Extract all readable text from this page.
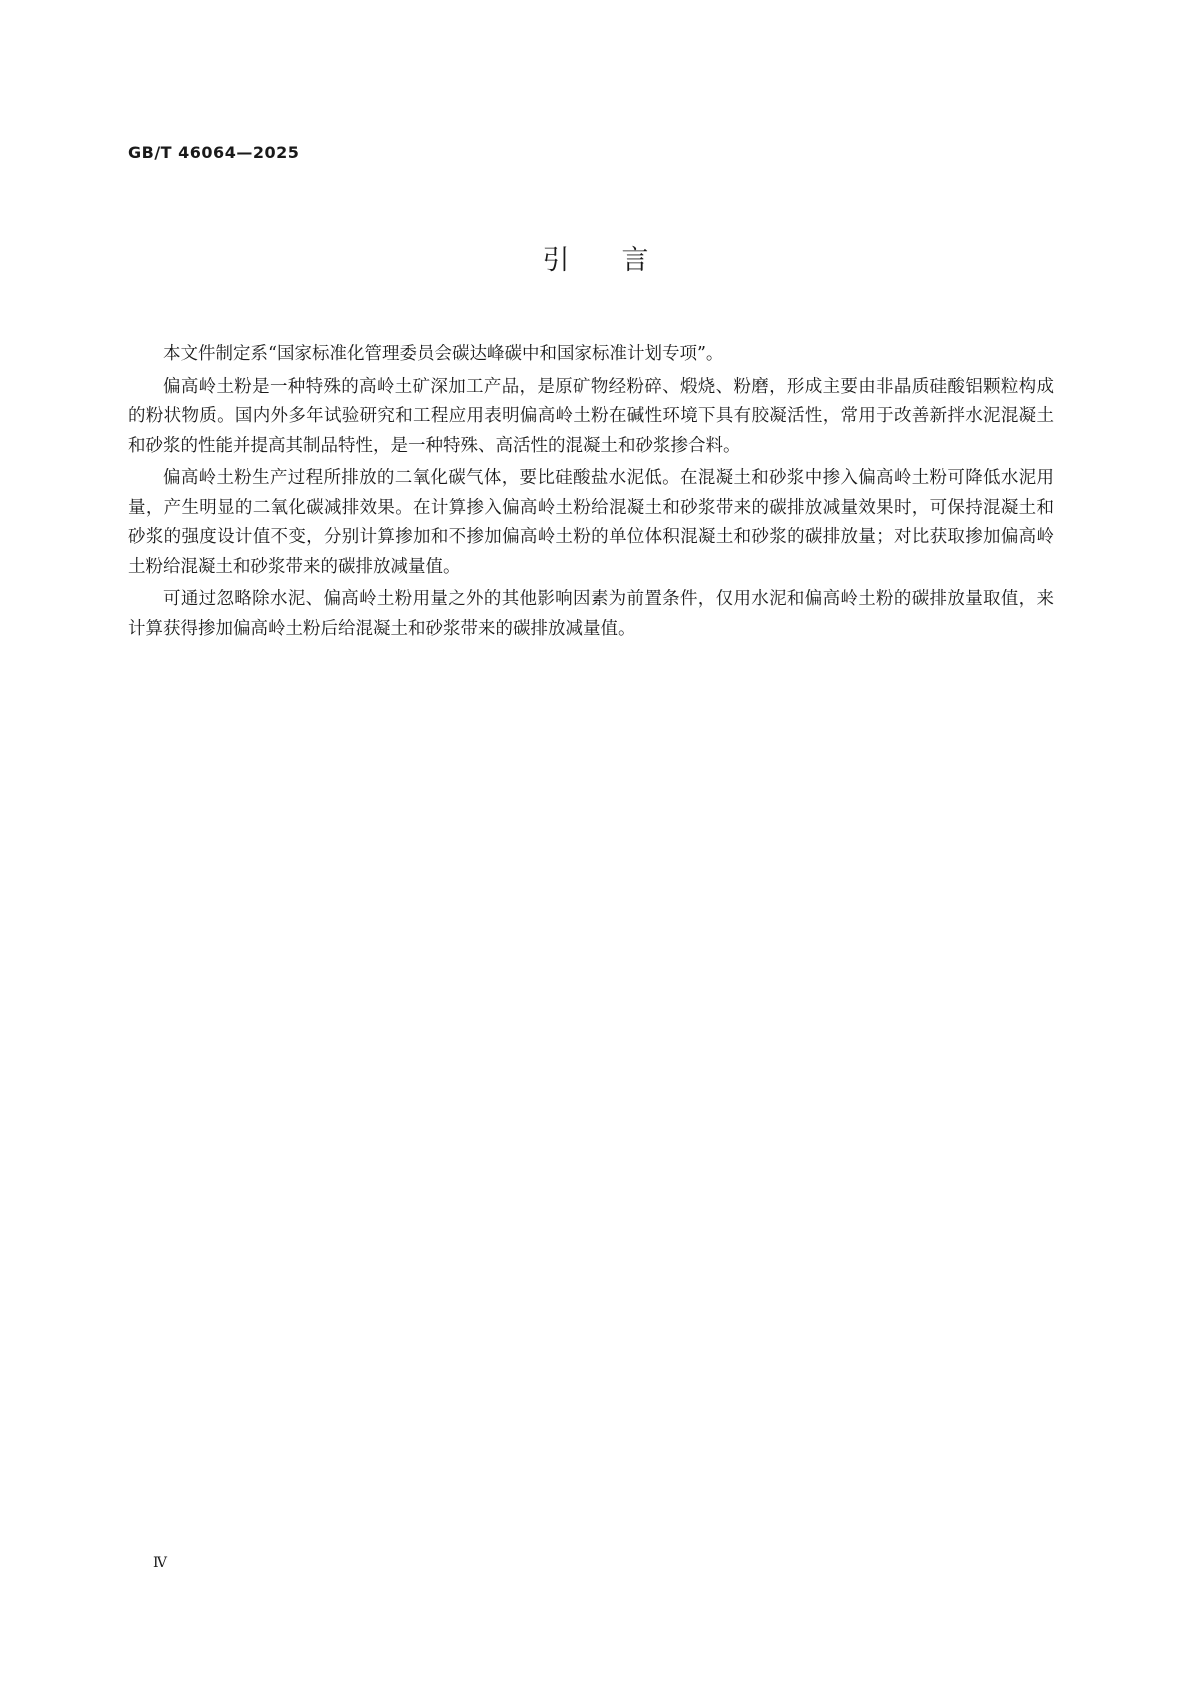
GB/T 46064—2025
引言

本文件制定系“国家标准化管理委员会碳达峰碳中和国家标准计划专项”。

偏高岭土粉是一种特殊的高岭土矿深加工产品，是原矿物经粉碎、煅烧、粉磨，形成主要由非晶质硅酸铝颗粒构成的粉状物质。国内外多年试验研究和工程应用表明偏高岭土粉在碱性环境下具有胶凝活性，常用于改善新拌水泥混凝土和砂浆的性能并提高其制品特性，是一种特殊、高活性的混凝土和砂浆掺合料。

偏高岭土粉生产过程所排放的二氧化碳气体，要比硅酸盐水泥低。在混凝土和砂浆中掺入偏高岭土粉可降低水泥用量，产生明显的二氧化碳减排效果。在计算掺入偏高岭土粉给混凝土和砂浆带来的碳排放减量效果时，可保持混凝土和砂浆的强度设计值不变，分别计算掺加和不掺加偏高岭土粉的单位体积混凝土和砂浆的碳排放量；对比获取掺加偏高岭土粉给混凝土和砂浆带来的碳排放减量值。

可通过忽略除水泥、偏高岭土粉用量之外的其他影响因素为前置条件，仅用水泥和偏高岭土粉的碳排放量取值，来计算获得掺加偏高岭土粉后给混凝土和砂浆带来的碳排放减量值。

Ⅳ
